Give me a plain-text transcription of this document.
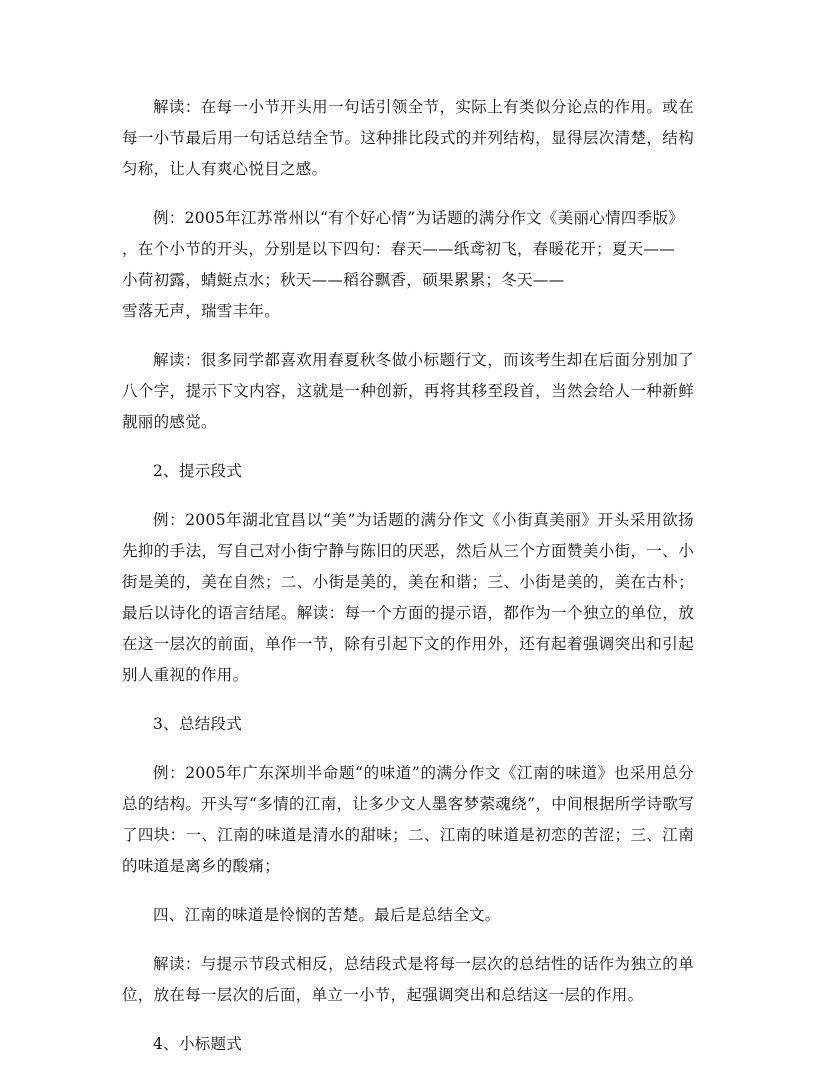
解读：在每一小节开头用一句话引领全节，实际上有类似分论点的作用。或在每一小节最后用一句话总结全节。这种排比段式的并列结构，显得层次清楚，结构匀称，让人有爽心悦目之感。

例：2005年江苏常州以“有个好心情”为话题的满分作文《美丽心情四季版》
，在个小节的开头，分别是以下四句：春天——纸鸢初飞，春暖花开；夏天——
小荷初露，蜻蜓点水；秋天——稻谷飘香，硕果累累；冬天——
雪落无声，瑞雪丰年。

解读：很多同学都喜欢用春夏秋冬做小标题行文，而该考生却在后面分别加了八个字，提示下文内容，这就是一种创新，再将其移至段首，当然会给人一种新鲜靓丽的感觉。

2、提示段式

例：2005年湖北宜昌以“美”为话题的满分作文《小街真美丽》开头采用欲扬先抑的手法，写自己对小街宁静与陈旧的厌恶，然后从三个方面赞美小街，一、小街是美的，美在自然；二、小街是美的，美在和谐；三、小街是美的，美在古朴；最后以诗化的语言结尾。解读：每一个方面的提示语，都作为一个独立的单位，放在这一层次的前面，单作一节，除有引起下文的作用外，还有起着强调突出和引起别人重视的作用。

3、总结段式

例：2005年广东深圳半命题“的味道”的满分作文《江南的味道》也采用总分总的结构。开头写“多情的江南，让多少文人墨客梦萦魂绕”，中间根据所学诗歌写了四块：一、江南的味道是清水的甜味；二、江南的味道是初恋的苦涩；三、江南的味道是离乡的酸痛；

四、江南的味道是怜悯的苦楚。最后是总结全文。

解读：与提示节段式相反，总结段式是将每一层次的总结性的话作为独立的单位，放在每一层次的后面，单立一小节，起强调突出和总结这一层的作用。

4、小标题式
